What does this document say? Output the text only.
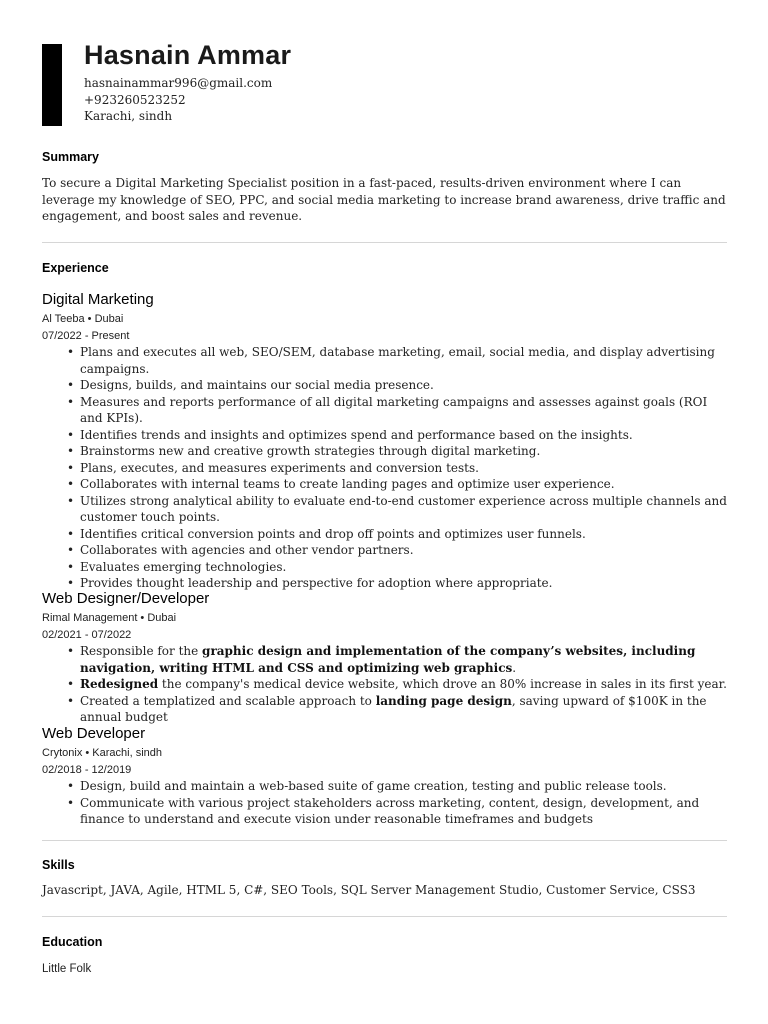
Hasnain Ammar
hasnainammar996@gmail.com
+923260523252
Karachi, sindh
Summary
To secure a Digital Marketing Specialist position in a fast-paced, results-driven environment where I can leverage my knowledge of SEO, PPC, and social media marketing to increase brand awareness, drive traffic and engagement, and boost sales and revenue.
Experience
Digital Marketing
Al Teeba • Dubai
07/2022 - Present
• Plans and executes all web, SEO/SEM, database marketing, email, social media, and display advertising campaigns.
• Designs, builds, and maintains our social media presence.
• Measures and reports performance of all digital marketing campaigns and assesses against goals (ROI and KPIs).
• Identifies trends and insights and optimizes spend and performance based on the insights.
• Brainstorms new and creative growth strategies through digital marketing.
• Plans, executes, and measures experiments and conversion tests.
• Collaborates with internal teams to create landing pages and optimize user experience.
• Utilizes strong analytical ability to evaluate end-to-end customer experience across multiple channels and customer touch points.
• Identifies critical conversion points and drop off points and optimizes user funnels.
• Collaborates with agencies and other vendor partners.
• Evaluates emerging technologies.
• Provides thought leadership and perspective for adoption where appropriate.
Web Designer/Developer
Rimal Management • Dubai
02/2021 - 07/2022
• Responsible for the graphic design and implementation of the company’s websites, including navigation, writing HTML and CSS and optimizing web graphics.
• Redesigned the company's medical device website, which drove an 80% increase in sales in its first year.
• Created a templatized and scalable approach to landing page design, saving upward of $100K in the annual budget
Web Developer
Crytonix • Karachi, sindh
02/2018 - 12/2019
• Design, build and maintain a web-based suite of game creation, testing and public release tools.
• Communicate with various project stakeholders across marketing, content, design, development, and finance to understand and execute vision under reasonable timeframes and budgets
Skills
Javascript, JAVA, Agile, HTML 5, C#, SEO Tools, SQL Server Management Studio, Customer Service, CSS3
Education
Little Folk
